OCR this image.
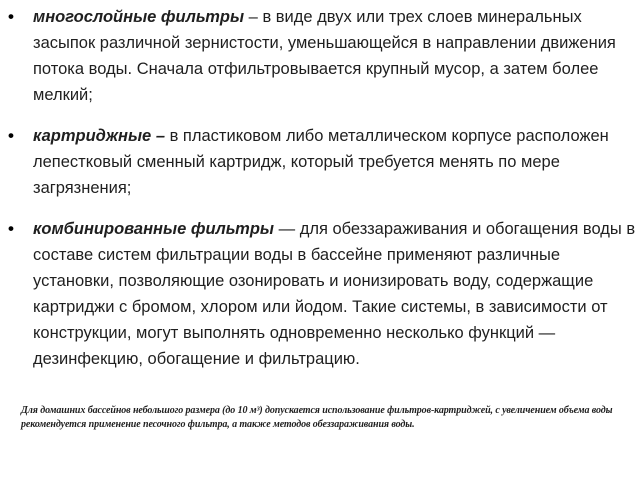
• многослойные фильтры – в виде двух или трех слоев минеральных засыпок различной зернистости, уменьшающейся в направлении движения потока воды. Сначала отфильтровывается крупный мусор, а затем более мелкий;
• картриджные – в пластиковом либо металлическом корпусе расположен лепестковый сменный картридж, который требуется менять по мере загрязнения;
• комбинированные фильтры — для обеззараживания и обогащения воды в составе систем фильтрации воды в бассейне применяют различные установки, позволяющие озонировать и ионизировать воду, содержащие картриджи с бромом, хлором или йодом. Такие системы, в зависимости от конструкции, могут выполнять одновременно несколько функций — дезинфекцию, обогащение и фильтрацию.
Для домашних бассейнов небольшого размера (до 10 м³) допускается использование фильтров-картриджей, с увеличением объема воды рекомендуется применение песочного фильтра, а также методов обеззараживания воды.
